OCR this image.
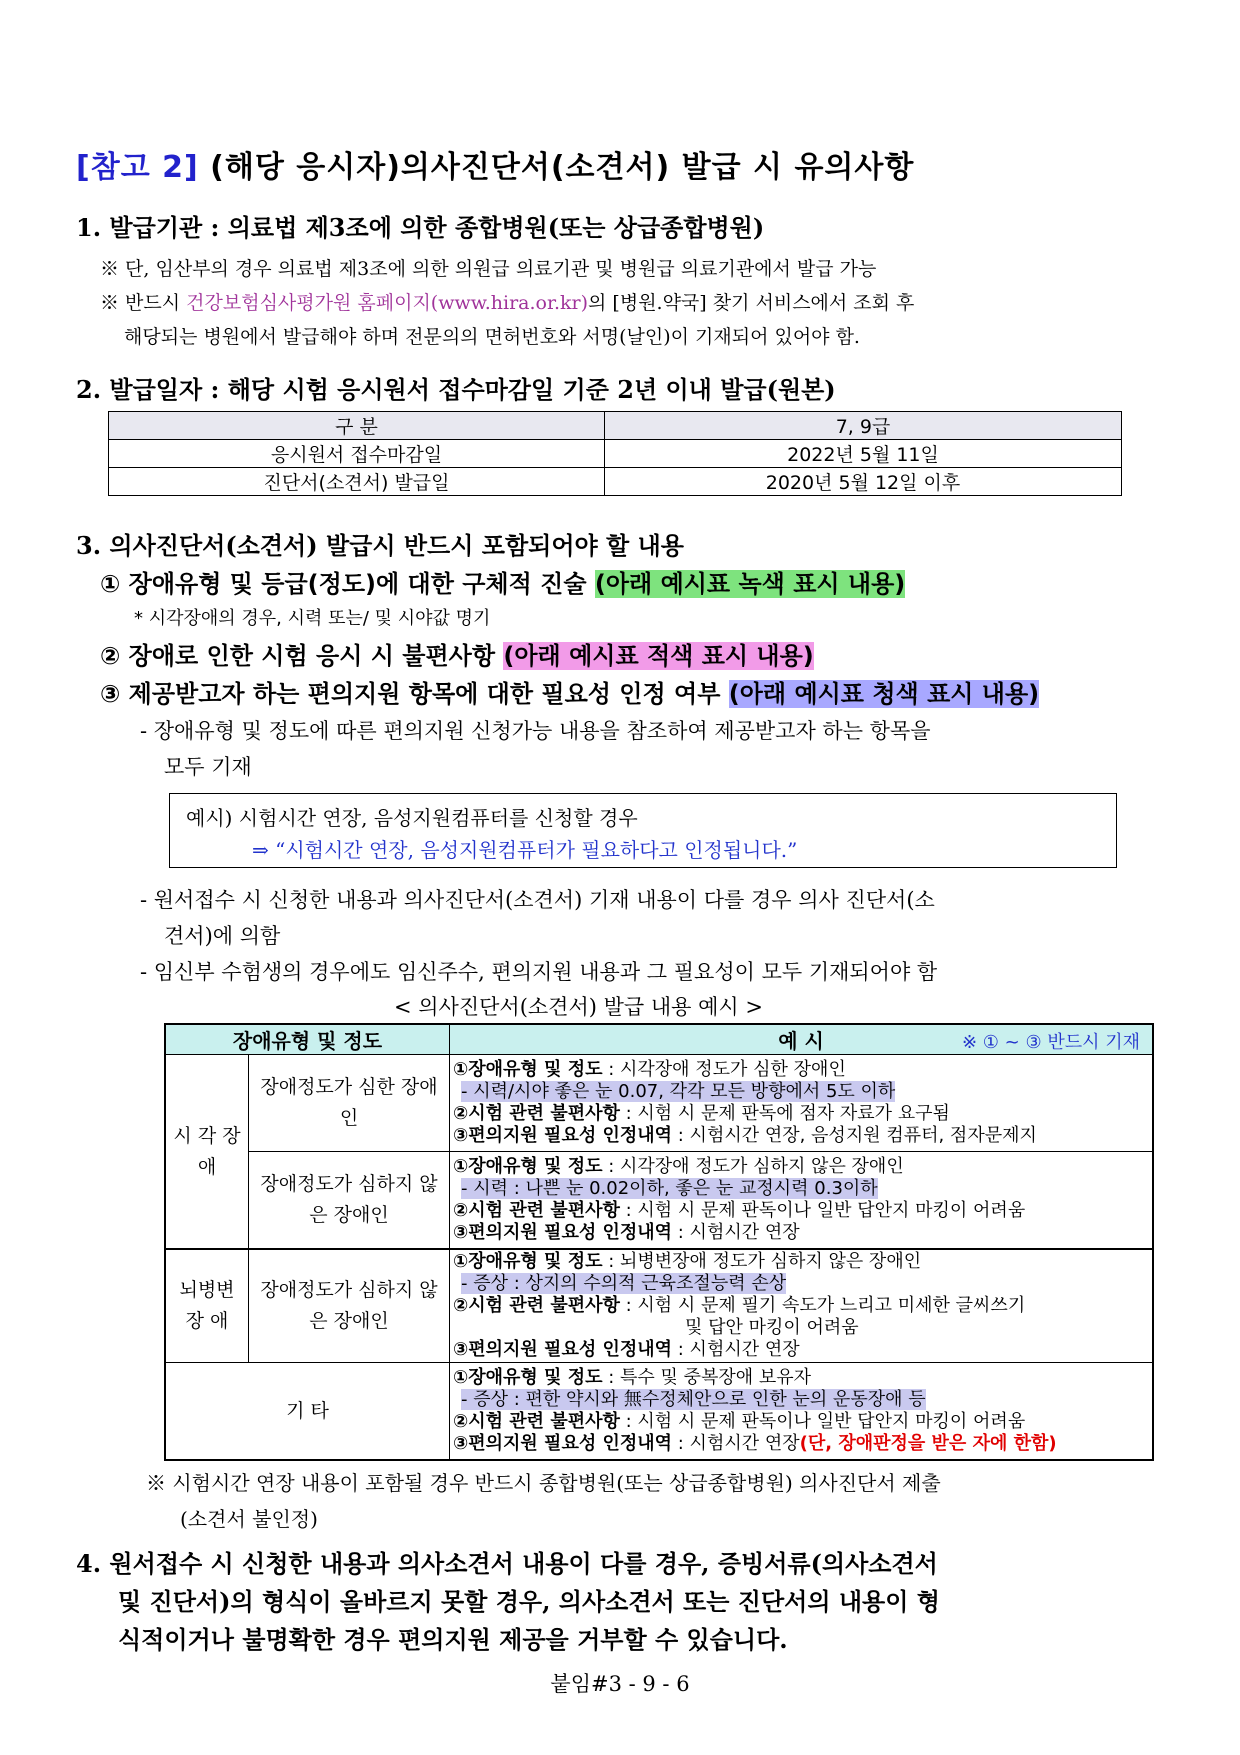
[참고 2] (해당 응시자)의사진단서(소견서) 발급 시 유의사항
1. 발급기관 : 의료법 제3조에 의한 종합병원(또는 상급종합병원)
※ 단, 임산부의 경우 의료법 제3조에 의한 의원급 의료기관 및 병원급 의료기관에서 발급 가능
※ 반드시 건강보험심사평가원 홈페이지(www.hira.or.kr)의 [병원.약국] 찾기 서비스에서 조회 후
해당되는 병원에서 발급해야 하며 전문의의 면허번호와 서명(날인)이 기재되어 있어야 함.
2. 발급일자 : 해당 시험 응시원서 접수마감일 기준 2년 이내 발급(원본)
구 분	7, 9급
응시원서 접수마감일	2022년 5월 11일
진단서(소견서) 발급일	2020년 5월 12일 이후
3. 의사진단서(소견서) 발급시 반드시 포함되어야 할 내용
① 장애유형 및 등급(정도)에 대한 구체적 진술 (아래 예시표 녹색 표시 내용)
* 시각장애의 경우, 시력 또는/ 및 시야값 명기
② 장애로 인한 시험 응시 시 불편사항 (아래 예시표 적색 표시 내용)
③ 제공받고자 하는 편의지원 항목에 대한 필요성 인정 여부 (아래 예시표 청색 표시 내용)
- 장애유형 및 정도에 따른 편의지원 신청가능 내용을 참조하여 제공받고자 하는 항목을
모두 기재
예시) 시험시간 연장, 음성지원컴퓨터를 신청할 경우
⇒ “시험시간 연장, 음성지원컴퓨터가 필요하다고 인정됩니다.”
- 원서접수 시 신청한 내용과 의사진단서(소견서) 기재 내용이 다를 경우 의사 진단서(소
견서)에 의함
- 임신부 수험생의 경우에도 임신주수, 편의지원 내용과 그 필요성이 모두 기재되어야 함
< 의사진단서(소견서) 발급 내용 예시 >
장애유형 및 정도		예 시 ※ ① ~ ③ 반드시 기재

시 각 장 애	장애정도가 심한 장애인	①장애유형 및 정도 : 시각장애 정도가 심한 장애인
- 시력/시야 좋은 눈 0.07, 각각 모든 방향에서 5도 이하
②시험 관련 불편사항 : 시험 시 문제 판독에 점자 자료가 요구됨
③편의지원 필요성 인정내역 : 시험시간 연장, 음성지원 컴퓨터, 점자문제지

	장애정도가 심하지 않은 장애인	①장애유형 및 정도 : 시각장애 정도가 심하지 않은 장애인
- 시력 : 나쁜 눈 0.02이하, 좋은 눈 교정시력 0.3이하
②시험 관련 불편사항 : 시험 시 문제 판독이나 일반 답안지 마킹이 어려움
③편의지원 필요성 인정내역 : 시험시간 연장

뇌병변 장 애	장애정도가 심하지 않은 장애인	①장애유형 및 정도 : 뇌병변장애 정도가 심하지 않은 장애인
- 증상 : 상지의 수의적 근육조절능력 손상
②시험 관련 불편사항 : 시험 시 문제 필기 속도가 느리고 미세한 글씨쓰기
및 답안 마킹이 어려움
③편의지원 필요성 인정내역 : 시험시간 연장

기 타		①장애유형 및 정도 : 특수 및 중복장애 보유자
- 증상 : 편한 약시와 無수정체안으로 인한 눈의 운동장애 등
②시험 관련 불편사항 : 시험 시 문제 판독이나 일반 답안지 마킹이 어려움
③편의지원 필요성 인정내역 : 시험시간 연장(단, 장애판정을 받은 자에 한함)
※ 시험시간 연장 내용이 포함될 경우 반드시 종합병원(또는 상급종합병원) 의사진단서 제출
(소견서 불인정)
4. 원서접수 시 신청한 내용과 의사소견서 내용이 다를 경우, 증빙서류(의사소견서
및 진단서)의 형식이 올바르지 못할 경우, 의사소견서 또는 진단서의 내용이 형
식적이거나 불명확한 경우 편의지원 제공을 거부할 수 있습니다.
붙임#3 - 9 - 6
